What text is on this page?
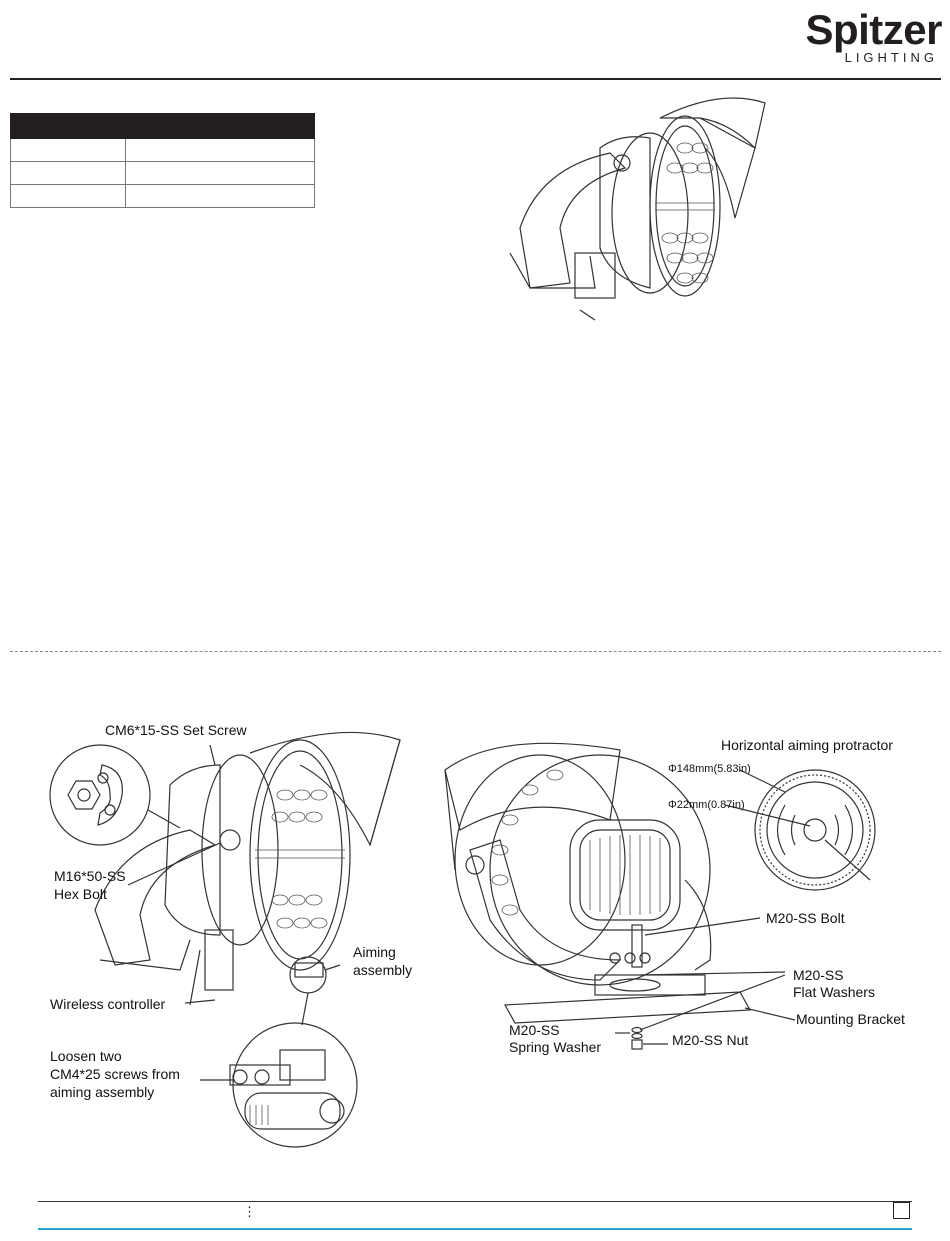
Spitzer
LIGHTING

CM6*15-SS Set Screw
M16*50-SS
Hex Bolt
Aiming
assembly
Wireless controller
Loosen two
CM4*25 screws from
aiming assembly
Horizontal aiming protractor
Φ148mm(5.83in)
Φ22mm(0.87in)
M20-SS Bolt
M20-SS
Flat Washers
Mounting Bracket
M20-SS
Spring Washer	M20-SS Nut
⋮
